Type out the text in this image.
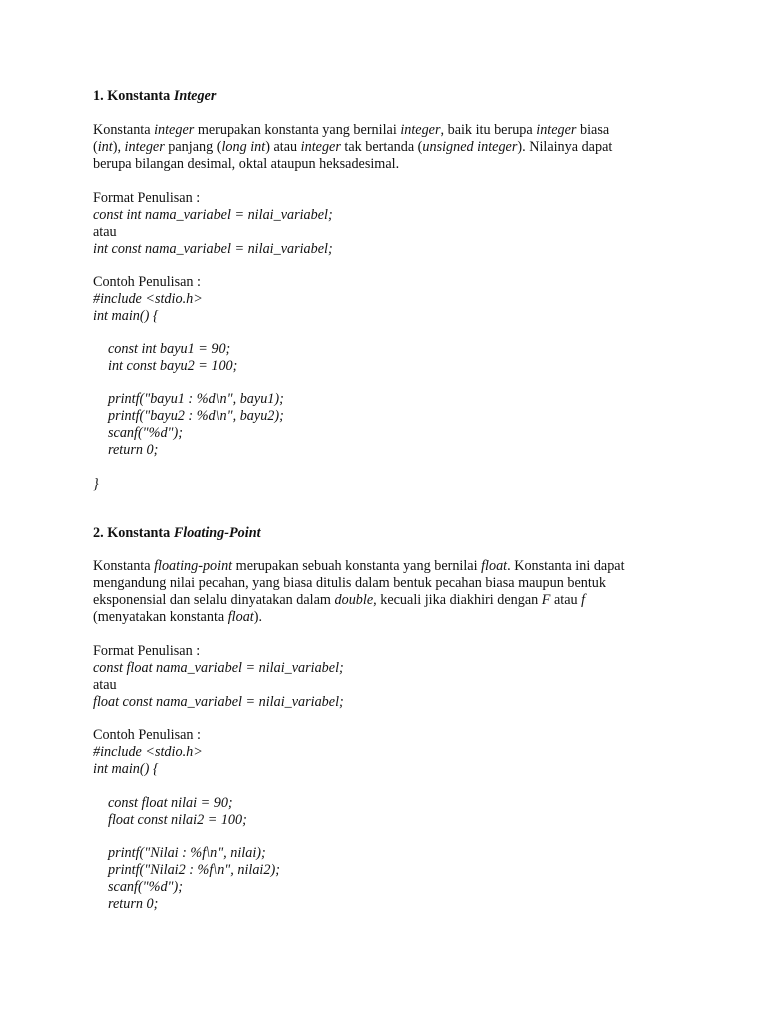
1. Konstanta Integer
Konstanta integer merupakan konstanta yang bernilai integer, baik itu berupa integer biasa
(int), integer panjang (long int) atau integer tak bertanda (unsigned integer). Nilainya dapat
berupa bilangan desimal, oktal ataupun heksadesimal.
Format Penulisan :
const int nama_variabel = nilai_variabel;
atau
int const nama_variabel = nilai_variabel;
Contoh Penulisan :
#include <stdio.h>
int main() {
const int bayu1 = 90;
int const bayu2 = 100;
printf("bayu1 : %d\n", bayu1);
printf("bayu2 : %d\n", bayu2);
scanf("%d");
return 0;
}
2. Konstanta Floating-Point
Konstanta floating-point merupakan sebuah konstanta yang bernilai float. Konstanta ini dapat
mengandung nilai pecahan, yang biasa ditulis dalam bentuk pecahan biasa maupun bentuk
eksponensial dan selalu dinyatakan dalam double, kecuali jika diakhiri dengan F atau f
(menyatakan konstanta float).
Format Penulisan :
const float nama_variabel = nilai_variabel;
atau
float const nama_variabel = nilai_variabel;
Contoh Penulisan :
#include <stdio.h>
int main() {
const float nilai = 90;
float const nilai2 = 100;
printf("Nilai : %f\n", nilai);
printf("Nilai2 : %f\n", nilai2);
scanf("%d");
return 0;
